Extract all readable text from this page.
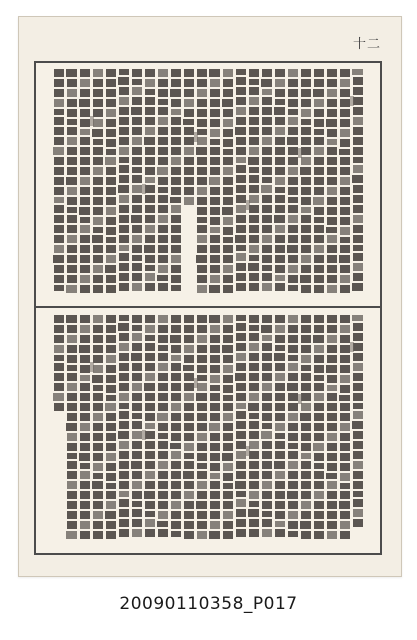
十二
20090110358_P017
